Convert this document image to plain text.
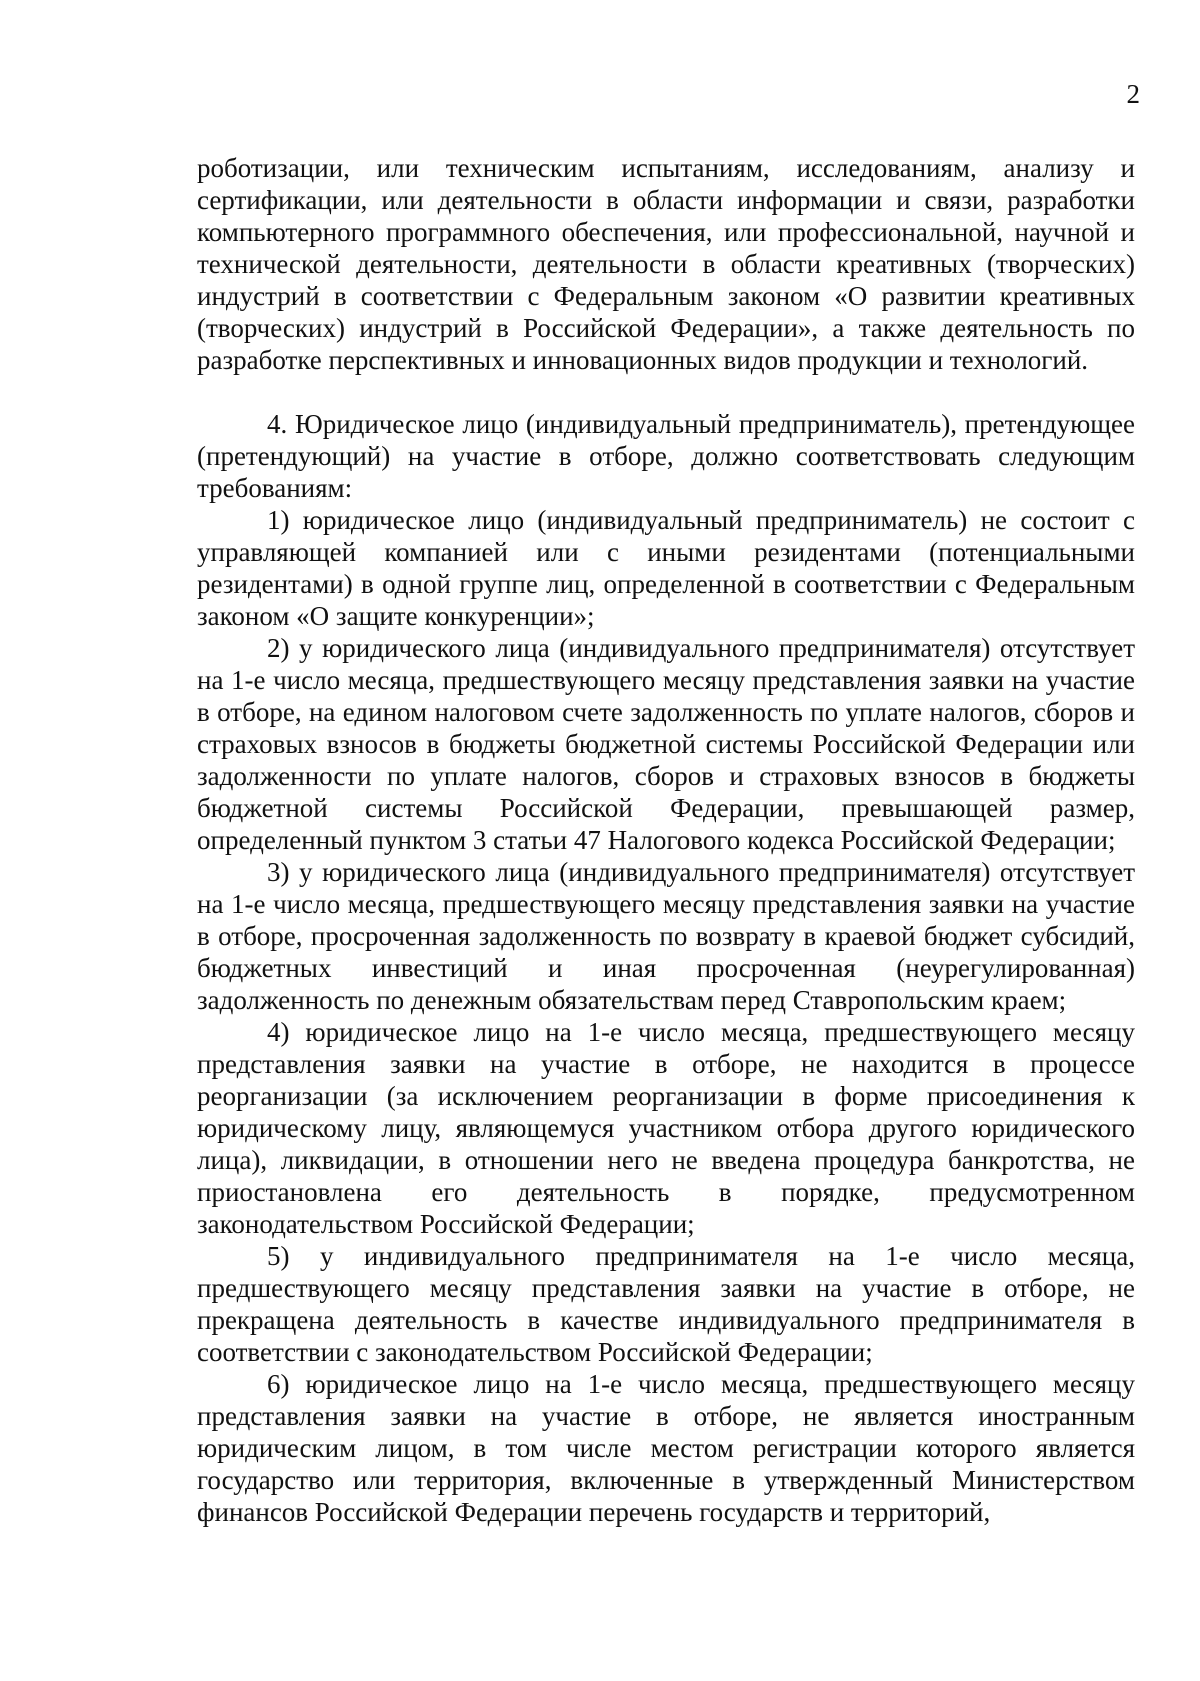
2

роботизации, или техническим испытаниям, исследованиям, анализу и сертификации, или деятельности в области информации и связи, разработки компьютерного программного обеспечения, или профессиональной, научной и технической деятельности, деятельности в области креативных (творческих) индустрий в соответствии с Федеральным законом «О развитии креативных (творческих) индустрий в Российской Федерации», а также деятельность по разработке перспективных и инновационных видов продукции и технологий.

4. Юридическое лицо (индивидуальный предприниматель), претендующее (претендующий) на участие в отборе, должно соответствовать следующим требованиям:

1) юридическое лицо (индивидуальный предприниматель) не состоит с управляющей компанией или с иными резидентами (потенциальными резидентами) в одной группе лиц, определенной в соответствии с Федеральным законом «О защите конкуренции»;

2) у юридического лица (индивидуального предпринимателя) отсутствует на 1-е число месяца, предшествующего месяцу представления заявки на участие в отборе, на едином налоговом счете задолженность по уплате налогов, сборов и страховых взносов в бюджеты бюджетной системы Российской Федерации или задолженности по уплате налогов, сборов и страховых взносов в бюджеты бюджетной системы Российской Федерации, превышающей размер, определенный пунктом 3 статьи 47 Налогового кодекса Российской Федерации;

3) у юридического лица (индивидуального предпринимателя) отсутствует на 1-е число месяца, предшествующего месяцу представления заявки на участие в отборе, просроченная задолженность по возврату в краевой бюджет субсидий, бюджетных инвестиций и иная просроченная (неурегулированная) задолженность по денежным обязательствам перед Ставропольским краем;

4) юридическое лицо на 1-е число месяца, предшествующего месяцу представления заявки на участие в отборе, не находится в процессе реорганизации (за исключением реорганизации в форме присоединения к юридическому лицу, являющемуся участником отбора другого юридического лица), ликвидации, в отношении него не введена процедура банкротства, не приостановлена его деятельность в порядке, предусмотренном законодательством Российской Федерации;

5) у индивидуального предпринимателя на 1-е число месяца, предшествующего месяцу представления заявки на участие в отборе, не прекращена деятельность в качестве индивидуального предпринимателя в соответствии с законодательством Российской Федерации;

6) юридическое лицо на 1-е число месяца, предшествующего месяцу представления заявки на участие в отборе, не является иностранным юридическим лицом, в том числе местом регистрации которого является государство или территория, включенные в утвержденный Министерством финансов Российской Федерации перечень государств и территорий,
